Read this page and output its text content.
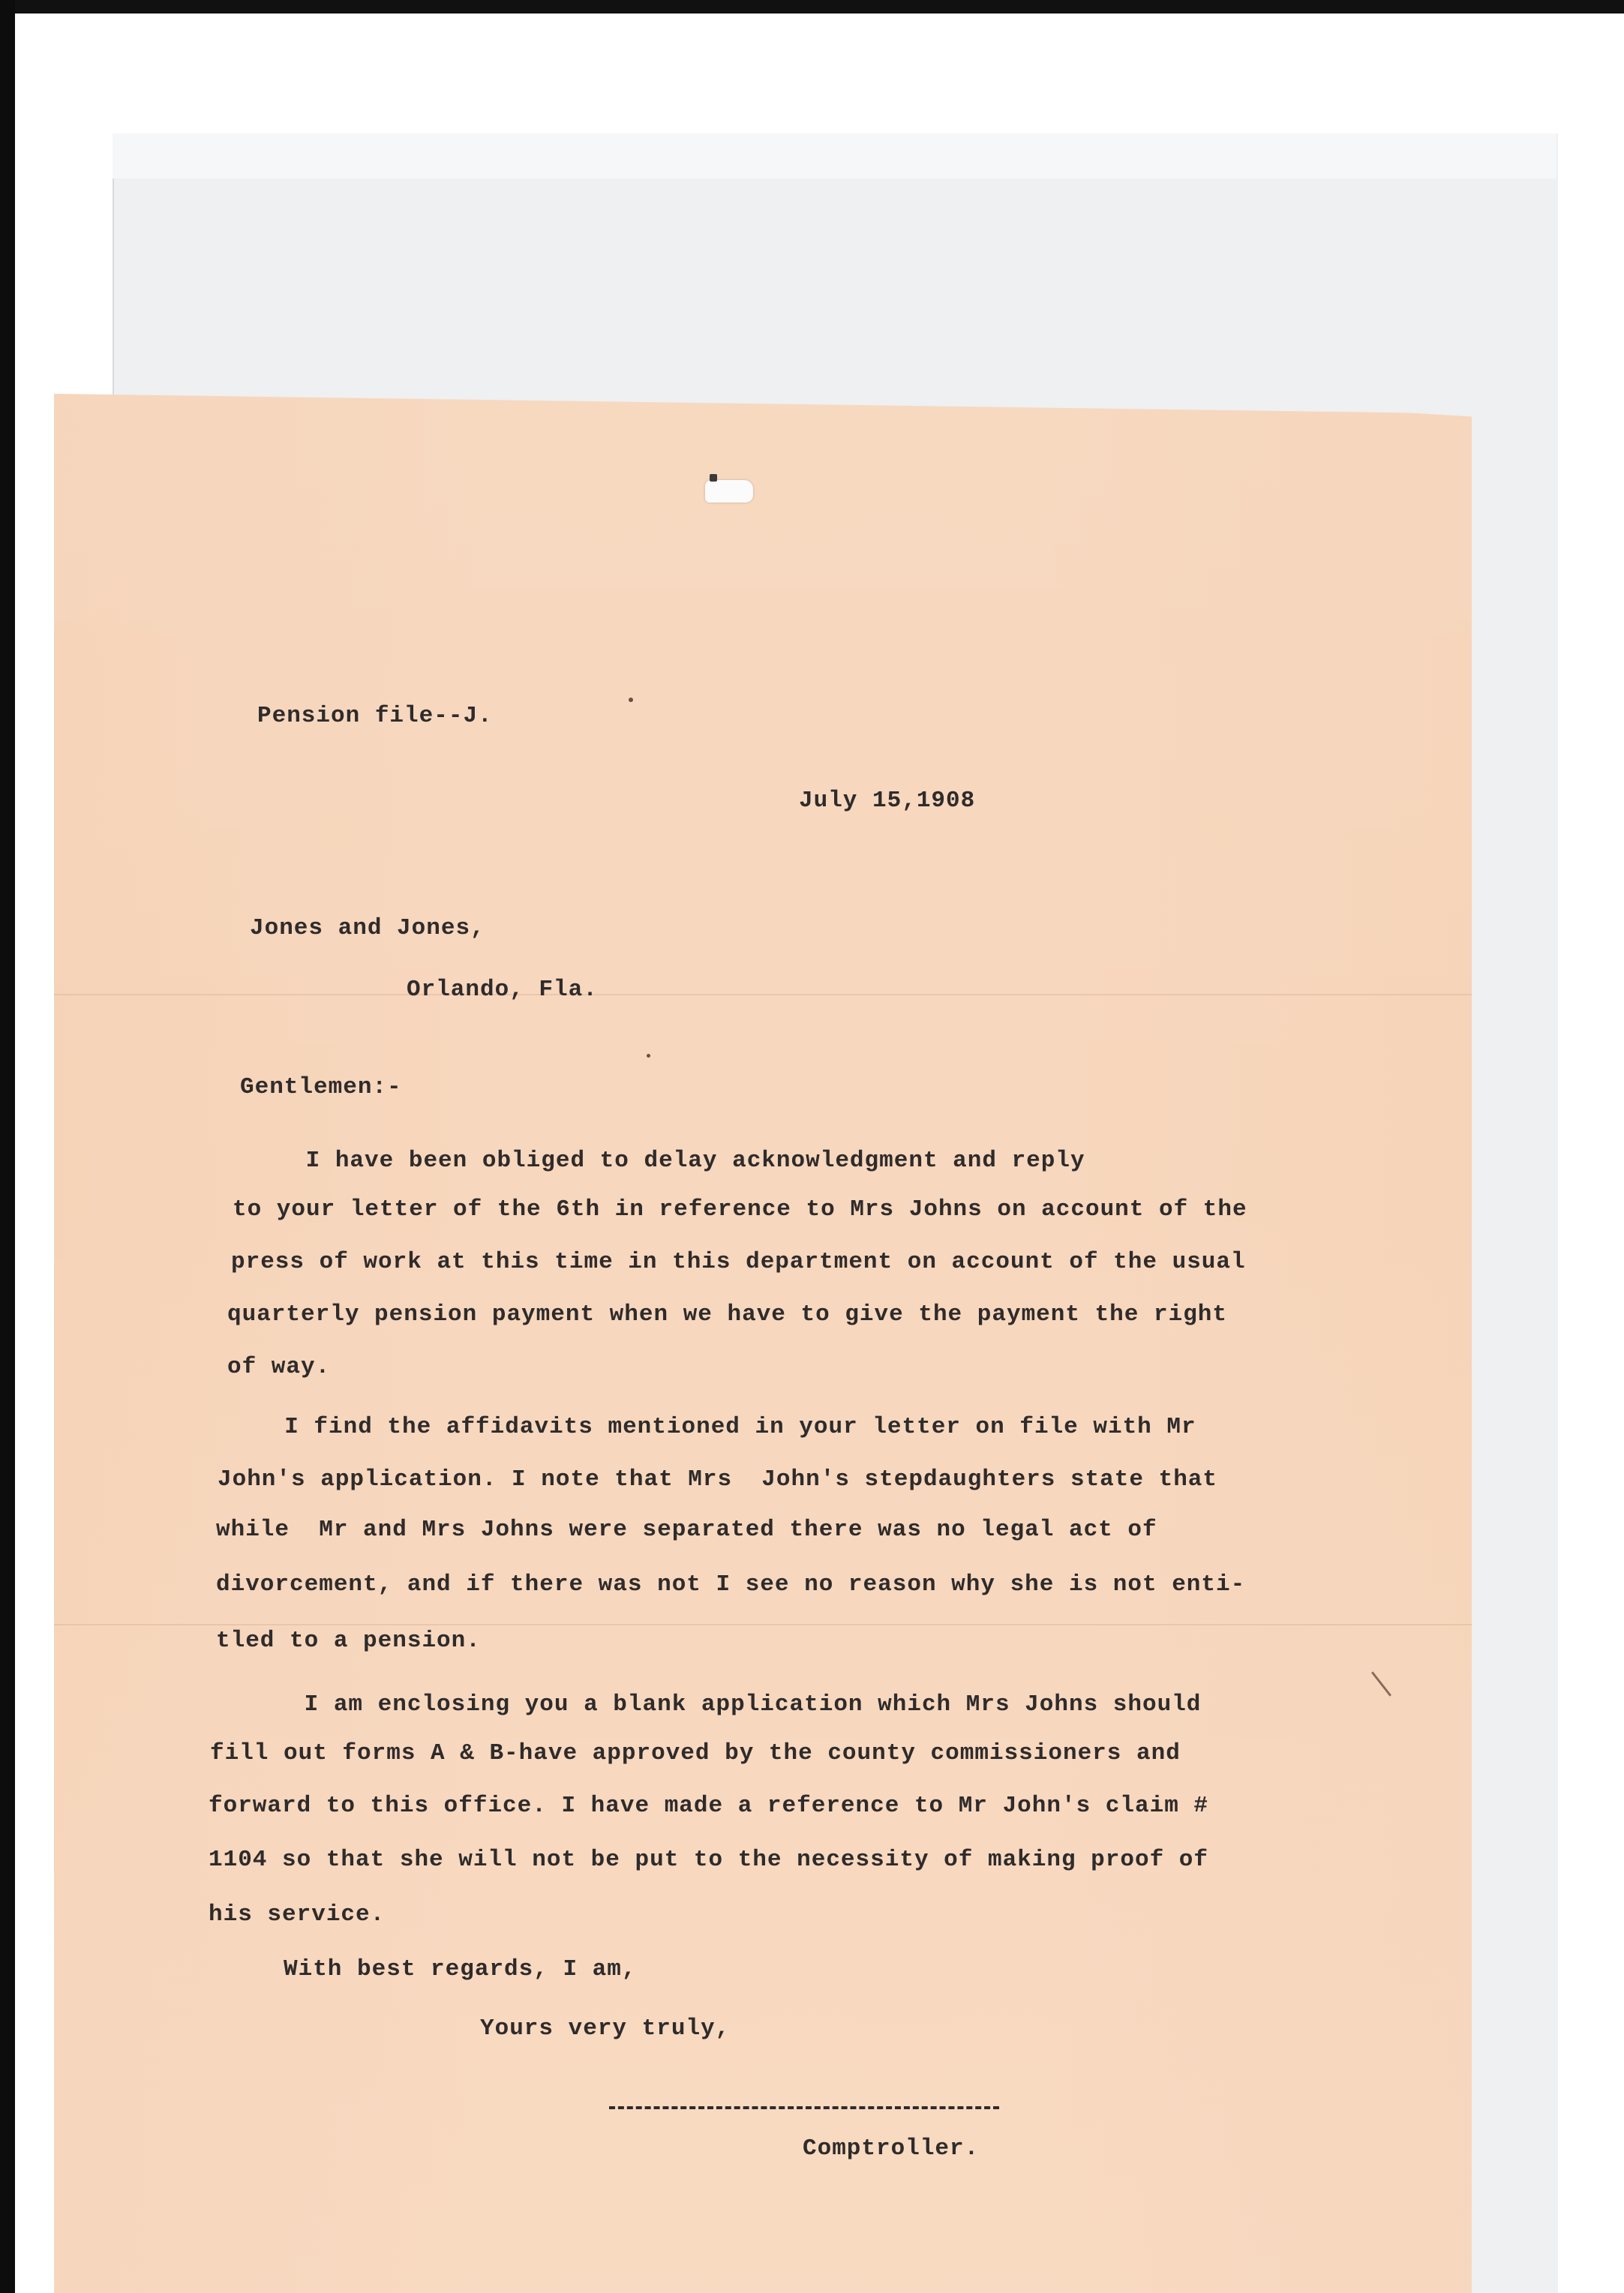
Pension file--J.

July 15,1908

Jones and Jones,

Orlando, Fla.

Gentlemen:-

I have been obliged to delay acknowledgment and reply

to your letter of the 6th in reference to Mrs Johns on account of the

press of work at this time in this department on account of the usual

quarterly pension payment when we have to give the payment the right

of way.

I find the affidavits mentioned in your letter on file with Mr

John's application. I note that Mrs  John's stepdaughters state that

while  Mr and Mrs Johns were separated there was no legal act of

divorcement, and if there was not I see no reason why she is not enti-

tled to a pension.

I am enclosing you a blank application which Mrs Johns should

fill out forms A & B-have approved by the county commissioners and

forward to this office. I have made a reference to Mr John's claim #

1104 so that she will not be put to the necessity of making proof of

his service.

With best regards, I am,

Yours very truly,

Comptroller.
